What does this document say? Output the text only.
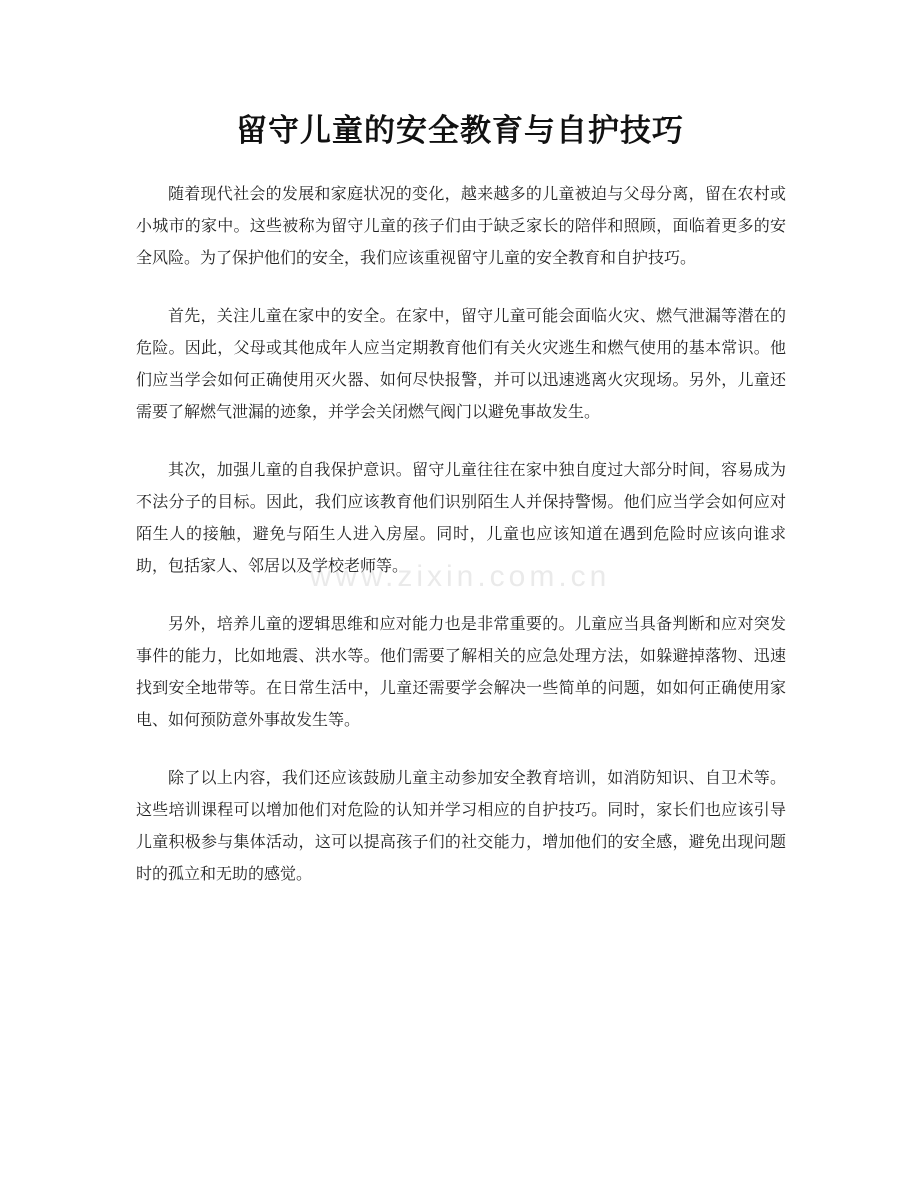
留守儿童的安全教育与自护技巧
www.zixin.com.cn

随着现代社会的发展和家庭状况的变化，越来越多的儿童被迫与父母分离，留在农村或小城市的家中。这些被称为留守儿童的孩子们由于缺乏家长的陪伴和照顾，面临着更多的安全风险。为了保护他们的安全，我们应该重视留守儿童的安全教育和自护技巧。

首先，关注儿童在家中的安全。在家中，留守儿童可能会面临火灾、燃气泄漏等潜在的危险。因此，父母或其他成年人应当定期教育他们有关火灾逃生和燃气使用的基本常识。他们应当学会如何正确使用灭火器、如何尽快报警，并可以迅速逃离火灾现场。另外，儿童还需要了解燃气泄漏的迹象，并学会关闭燃气阀门以避免事故发生。

其次，加强儿童的自我保护意识。留守儿童往往在家中独自度过大部分时间，容易成为不法分子的目标。因此，我们应该教育他们识别陌生人并保持警惕。他们应当学会如何应对陌生人的接触，避免与陌生人进入房屋。同时，儿童也应该知道在遇到危险时应该向谁求助，包括家人、邻居以及学校老师等。

另外，培养儿童的逻辑思维和应对能力也是非常重要的。儿童应当具备判断和应对突发事件的能力，比如地震、洪水等。他们需要了解相关的应急处理方法，如躲避掉落物、迅速找到安全地带等。在日常生活中，儿童还需要学会解决一些简单的问题，如如何正确使用家电、如何预防意外事故发生等。

除了以上内容，我们还应该鼓励儿童主动参加安全教育培训，如消防知识、自卫术等。这些培训课程可以增加他们对危险的认知并学习相应的自护技巧。同时，家长们也应该引导儿童积极参与集体活动，这可以提高孩子们的社交能力，增加他们的安全感，避免出现问题时的孤立和无助的感觉。
